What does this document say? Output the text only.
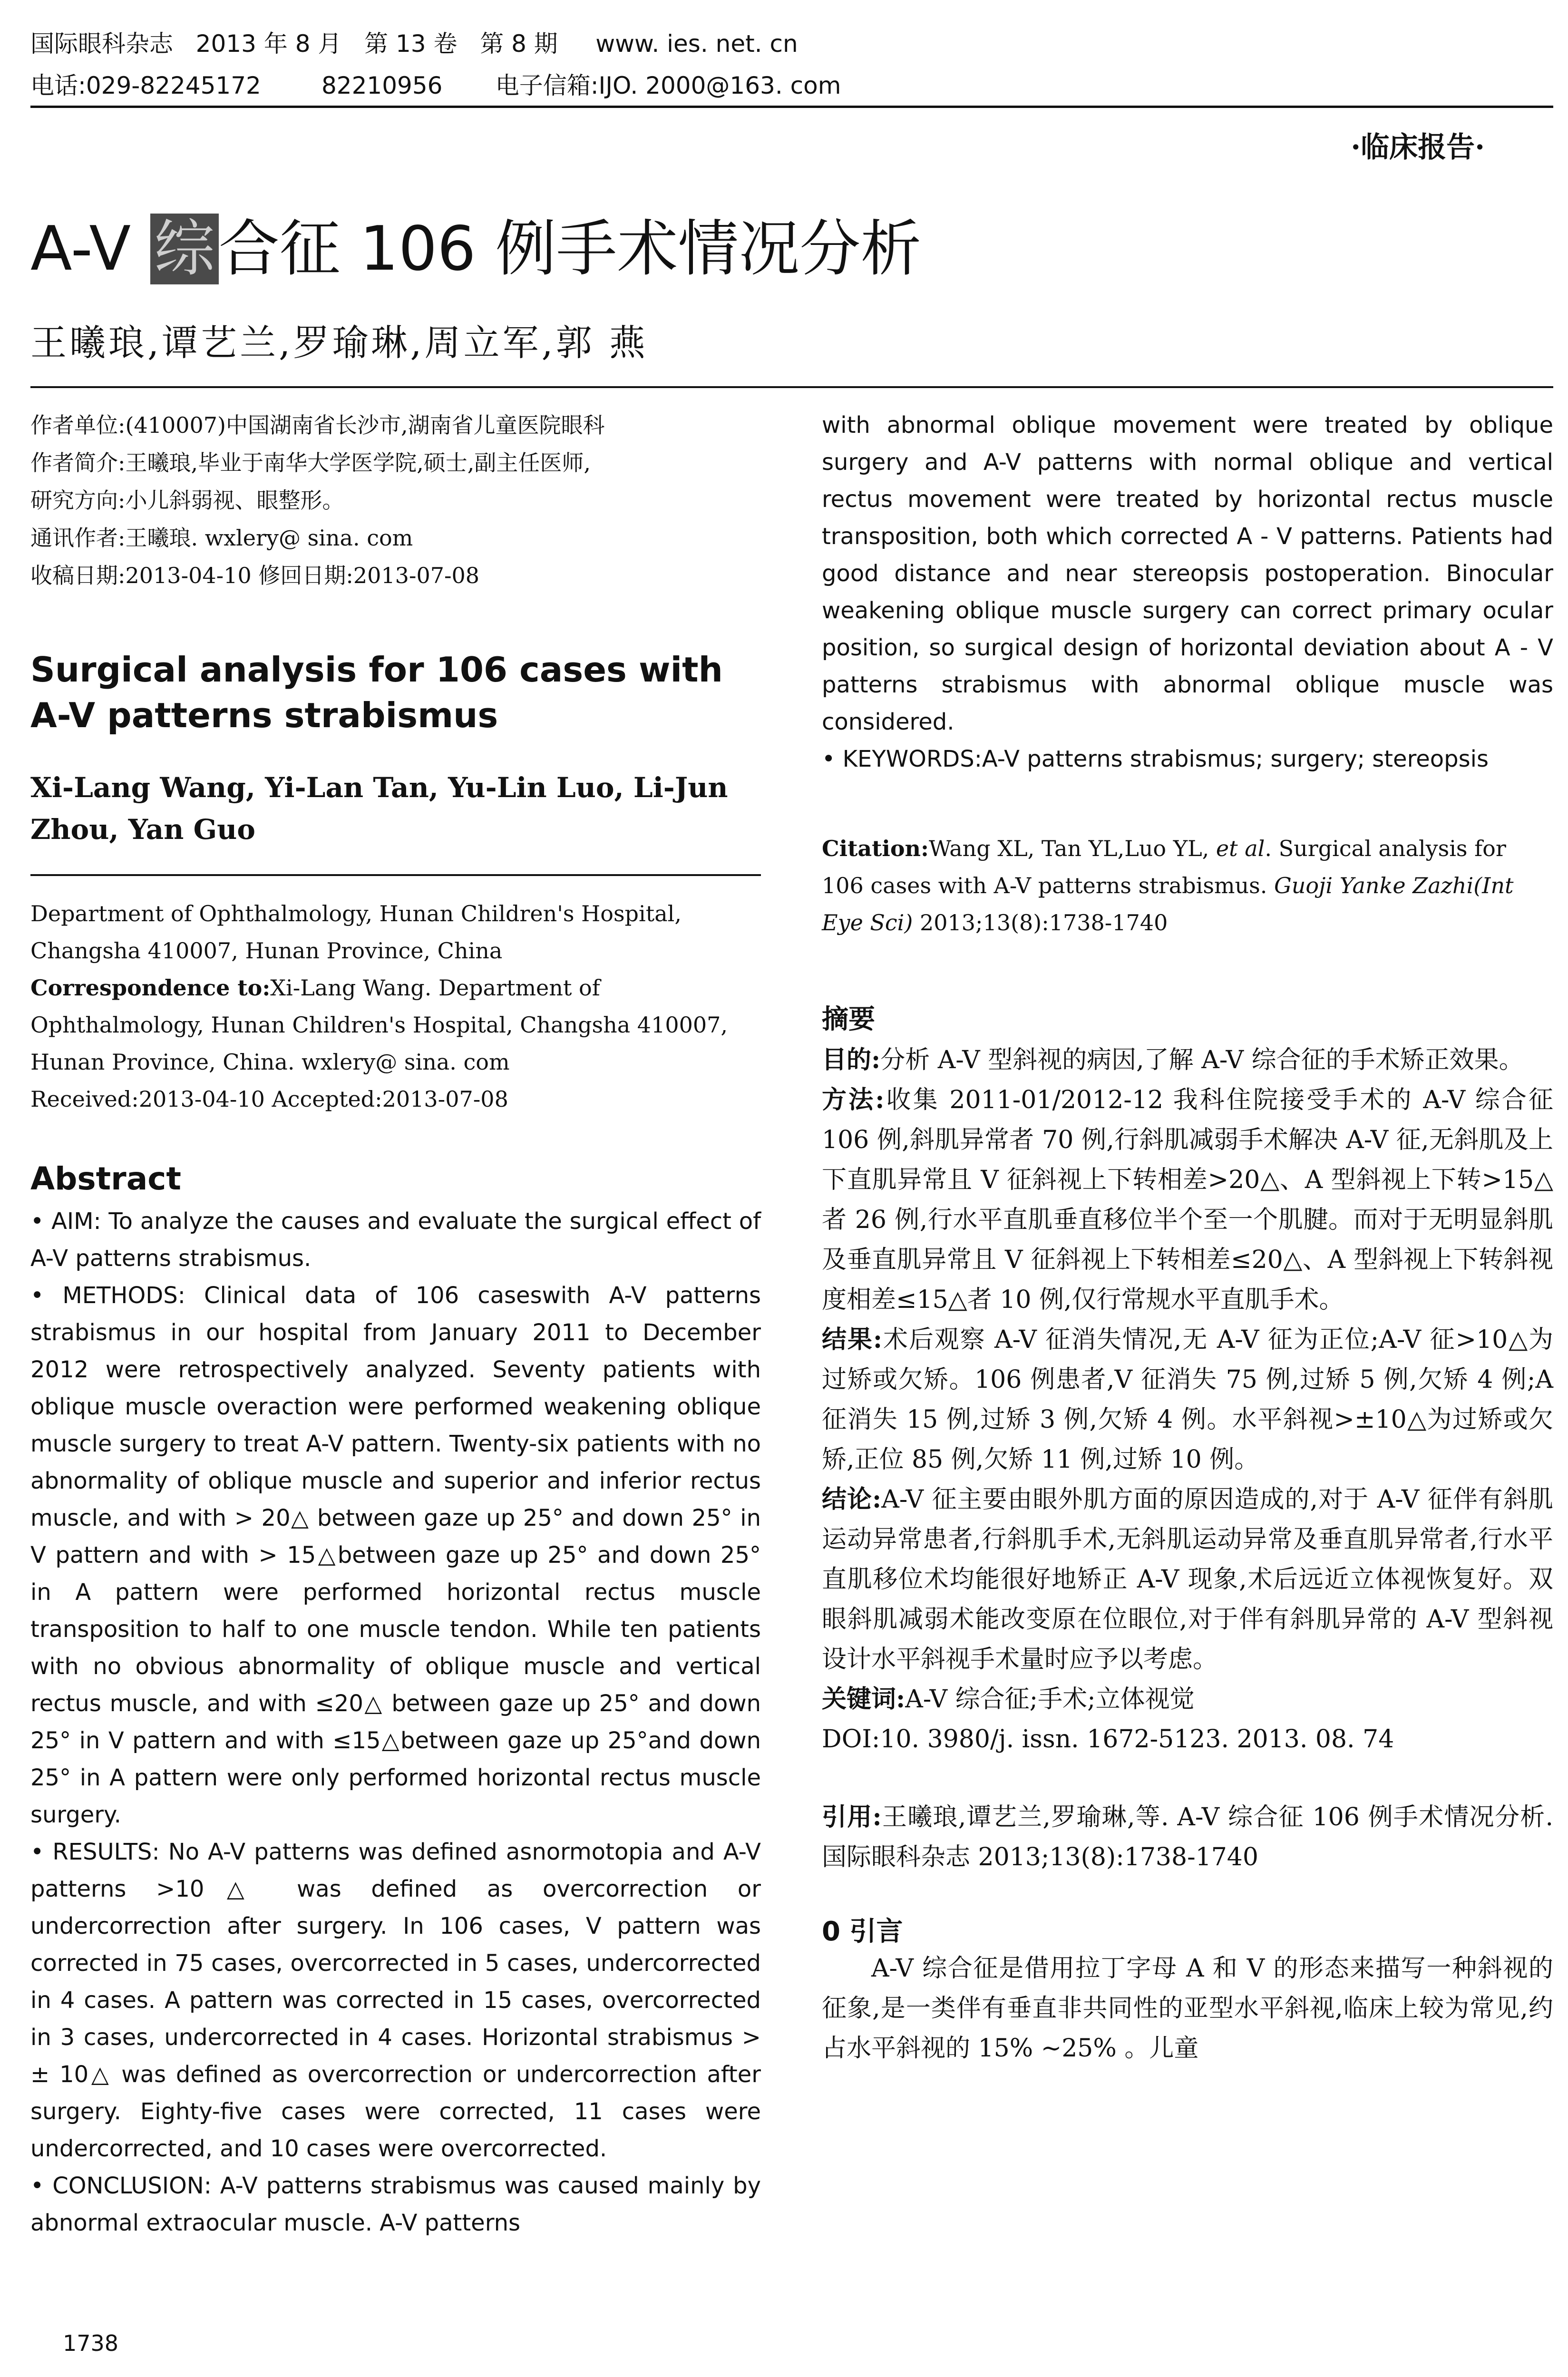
国际眼科杂志   2013 年 8 月   第 13 卷   第 8 期     www. ies. net. cn
电话:029-82245172        82210956       电子信箱:IJO. 2000@163. com
·临床报告·
A-V 综合征 106 例手术情况分析
王曦琅,谭艺兰,罗瑜琳,周立军,郭 燕

作者单位:(410007)中国湖南省长沙市,湖南省儿童医院眼科

作者简介:王曦琅,毕业于南华大学医学院,硕士,副主任医师,

研究方向:小儿斜弱视、眼整形。

通讯作者:王曦琅. wxlery@ sina. com

收稿日期:2013-04-10 修回日期:2013-07-08

Surgical analysis for 106 cases with A-V patterns strabismus

Xi-Lang Wang, Yi-Lan Tan, Yu-Lin Luo, Li-Jun Zhou, Yan Guo

Department of Ophthalmology, Hunan Children's Hospital, Changsha 410007, Hunan Province, China

Correspondence to:Xi-Lang Wang. Department of Ophthalmology, Hunan Children's Hospital, Changsha 410007, Hunan Province, China. wxlery@ sina. com

Received:2013-04-10 Accepted:2013-07-08

Abstract

• AIM: To analyze the causes and evaluate the surgical effect of A-V patterns strabismus.

• METHODS: Clinical data of 106 caseswith A-V patterns strabismus in our hospital from January 2011 to December 2012 were retrospectively analyzed. Seventy patients with oblique muscle overaction were performed weakening oblique muscle surgery to treat A-V pattern. Twenty-six patients with no abnormality of oblique muscle and superior and inferior rectus muscle, and with > 20△ between gaze up 25° and down 25° in V pattern and with > 15△between gaze up 25° and down 25° in A pattern were performed horizontal rectus muscle transposition to half to one muscle tendon. While ten patients with no obvious abnormality of oblique muscle and vertical rectus muscle, and with ≤20△ between gaze up 25° and down 25° in V pattern and with ≤15△between gaze up 25°and down 25° in A pattern were only performed horizontal rectus muscle surgery.

• RESULTS: No A-V patterns was defined asnormotopia and A-V patterns >10△ was defined as overcorrection or undercorrection after surgery. In 106 cases, V pattern was corrected in 75 cases, overcorrected in 5 cases, undercorrected in 4 cases. A pattern was corrected in 15 cases, overcorrected in 3 cases, undercorrected in 4 cases. Horizontal strabismus > ± 10△ was defined as overcorrection or undercorrection after surgery. Eighty-five cases were corrected, 11 cases were undercorrected, and 10 cases were overcorrected.

• CONCLUSION: A-V patterns strabismus was caused mainly by abnormal extraocular muscle. A-V patterns

with abnormal oblique movement were treated by oblique surgery and A-V patterns with normal oblique and vertical rectus movement were treated by horizontal rectus muscle transposition, both which corrected A - V patterns. Patients had good distance and near stereopsis postoperation. Binocular weakening oblique muscle surgery can correct primary ocular position, so surgical design of horizontal deviation about A - V patterns strabismus with abnormal oblique muscle was considered.

• KEYWORDS:A-V patterns strabismus; surgery; stereopsis

Citation:Wang XL, Tan YL,Luo YL, et al. Surgical analysis for 106 cases with A-V patterns strabismus. Guoji Yanke Zazhi(Int Eye Sci) 2013;13(8):1738-1740

摘要

目的:分析 A-V 型斜视的病因,了解 A-V 综合征的手术矫正效果。

方法:收集 2011-01/2012-12 我科住院接受手术的 A-V 综合征 106 例,斜肌异常者 70 例,行斜肌减弱手术解决 A-V 征,无斜肌及上下直肌异常且 V 征斜视上下转相差>20△、A 型斜视上下转>15△者 26 例,行水平直肌垂直移位半个至一个肌腱。而对于无明显斜肌及垂直肌异常且 V 征斜视上下转相差≤20△、A 型斜视上下转斜视度相差≤15△者 10 例,仅行常规水平直肌手术。

结果:术后观察 A-V 征消失情况,无 A-V 征为正位;A-V 征>10△为过矫或欠矫。106 例患者,V 征消失 75 例,过矫 5 例,欠矫 4 例;A 征消失 15 例,过矫 3 例,欠矫 4 例。水平斜视>±10△为过矫或欠矫,正位 85 例,欠矫 11 例,过矫 10 例。

结论:A-V 征主要由眼外肌方面的原因造成的,对于 A-V 征伴有斜肌运动异常患者,行斜肌手术,无斜肌运动异常及垂直肌异常者,行水平直肌移位术均能很好地矫正 A-V 现象,术后远近立体视恢复好。双眼斜肌减弱术能改变原在位眼位,对于伴有斜肌异常的 A-V 型斜视设计水平斜视手术量时应予以考虑。

关键词:A-V 综合征;手术;立体视觉

DOI:10. 3980/j. issn. 1672-5123. 2013. 08. 74

引用:王曦琅,谭艺兰,罗瑜琳,等. A-V 综合征 106 例手术情况分析. 国际眼科杂志 2013;13(8):1738-1740

0 引言

A-V 综合征是借用拉丁字母 A 和 V 的形态来描写一种斜视的征象,是一类伴有垂直非共同性的亚型水平斜视,临床上较为常见,约占水平斜视的 15% ~25% 。儿童

1738
